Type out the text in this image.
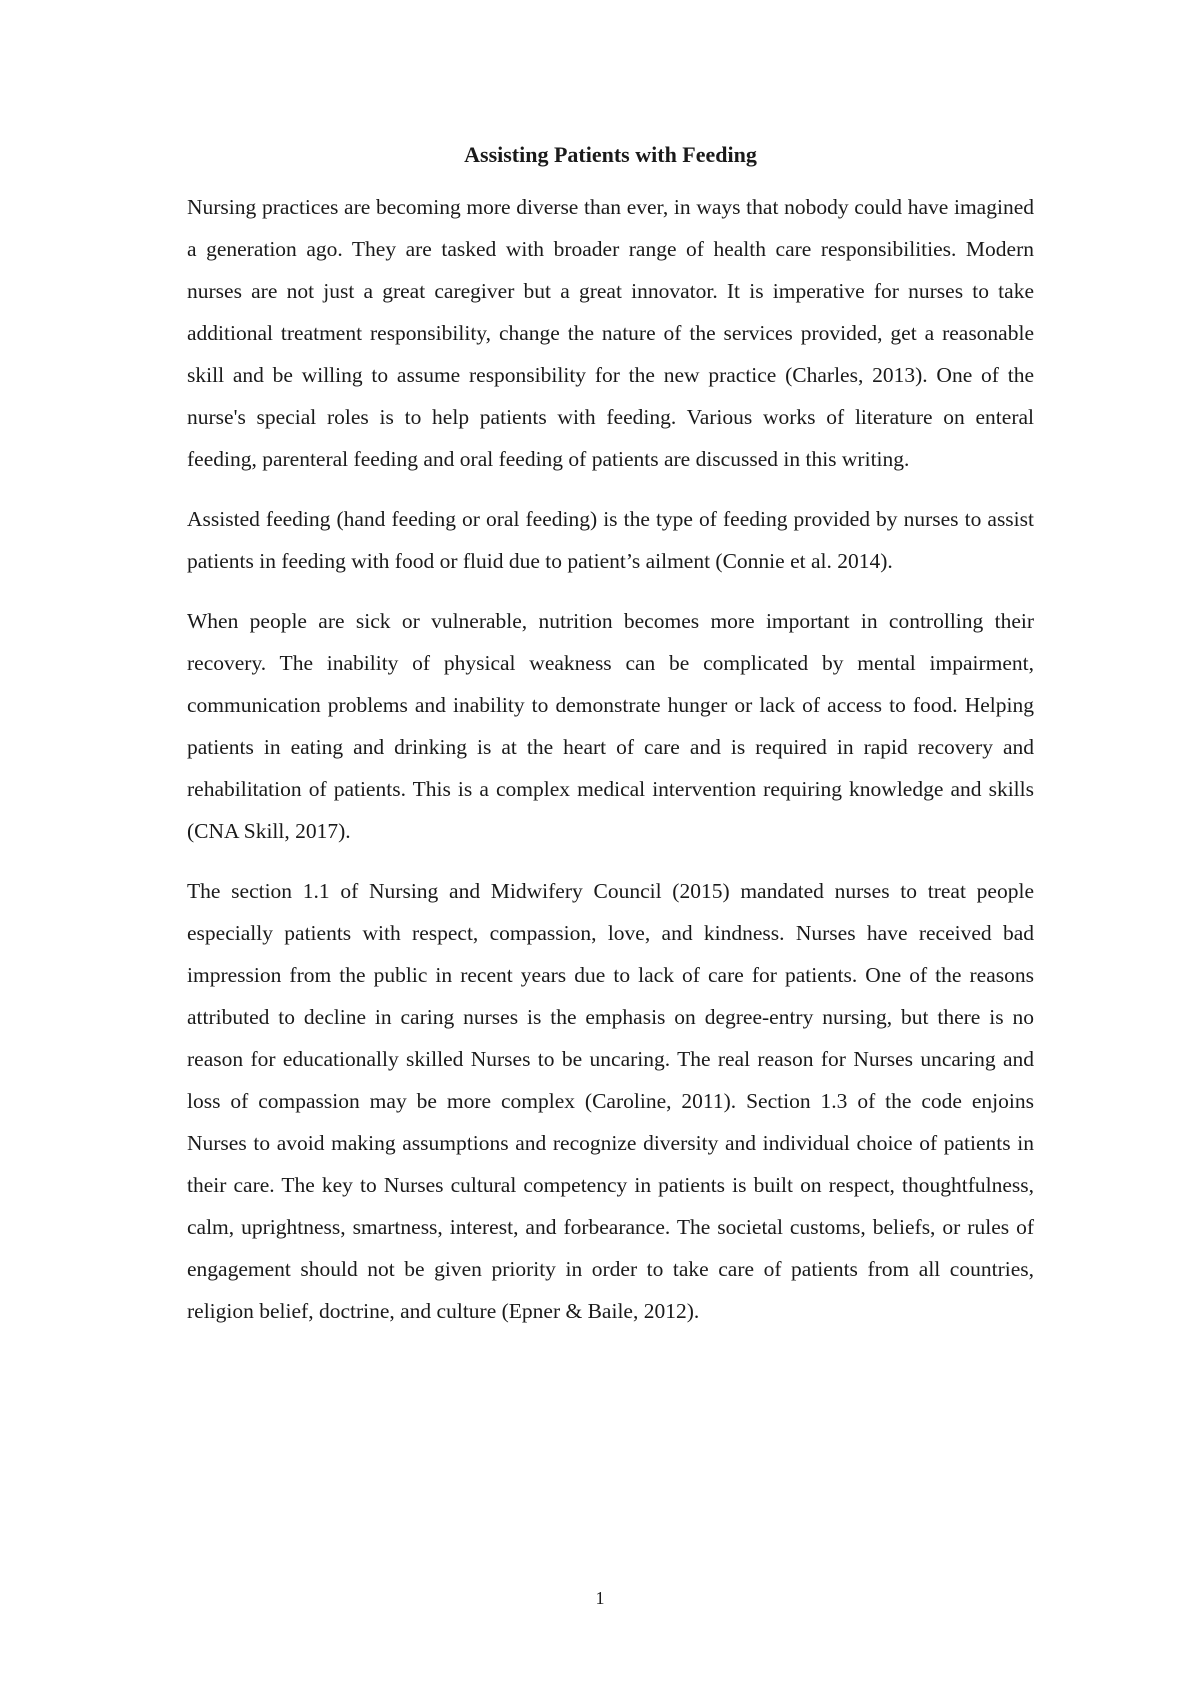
Assisting Patients with Feeding

Nursing practices are becoming more diverse than ever, in ways that nobody could have imagined a generation ago. They are tasked with broader range of health care responsibilities. Modern nurses are not just a great caregiver but a great innovator. It is imperative for nurses to take additional treatment responsibility, change the nature of the services provided, get a reasonable skill and be willing to assume responsibility for the new practice (Charles, 2013). One of the nurse's special roles is to help patients with feeding. Various works of literature on enteral feeding, parenteral feeding and oral feeding of patients are discussed in this writing.

Assisted feeding (hand feeding or oral feeding) is the type of feeding provided by nurses to assist patients in feeding with food or fluid due to patient’s ailment (Connie et al. 2014).

When people are sick or vulnerable, nutrition becomes more important in controlling their recovery. The inability of physical weakness can be complicated by mental impairment, communication problems and inability to demonstrate hunger or lack of access to food. Helping patients in eating and drinking is at the heart of care and is required in rapid recovery and rehabilitation of patients. This is a complex medical intervention requiring knowledge and skills (CNA Skill, 2017).

The section 1.1 of Nursing and Midwifery Council (2015) mandated nurses to treat people especially patients with respect, compassion, love, and kindness. Nurses have received bad impression from the public in recent years due to lack of care for patients. One of the reasons attributed to decline in caring nurses is the emphasis on degree-entry nursing, but there is no reason for educationally skilled Nurses to be uncaring. The real reason for Nurses uncaring and loss of compassion may be more complex (Caroline, 2011). Section 1.3 of the code enjoins Nurses to avoid making assumptions and recognize diversity and individual choice of patients in their care. The key to Nurses cultural competency in patients is built on respect, thoughtfulness, calm, uprightness, smartness, interest, and forbearance. The societal customs, beliefs, or rules of engagement should not be given priority in order to take care of patients from all countries, religion belief, doctrine, and culture (Epner & Baile, 2012).

1
